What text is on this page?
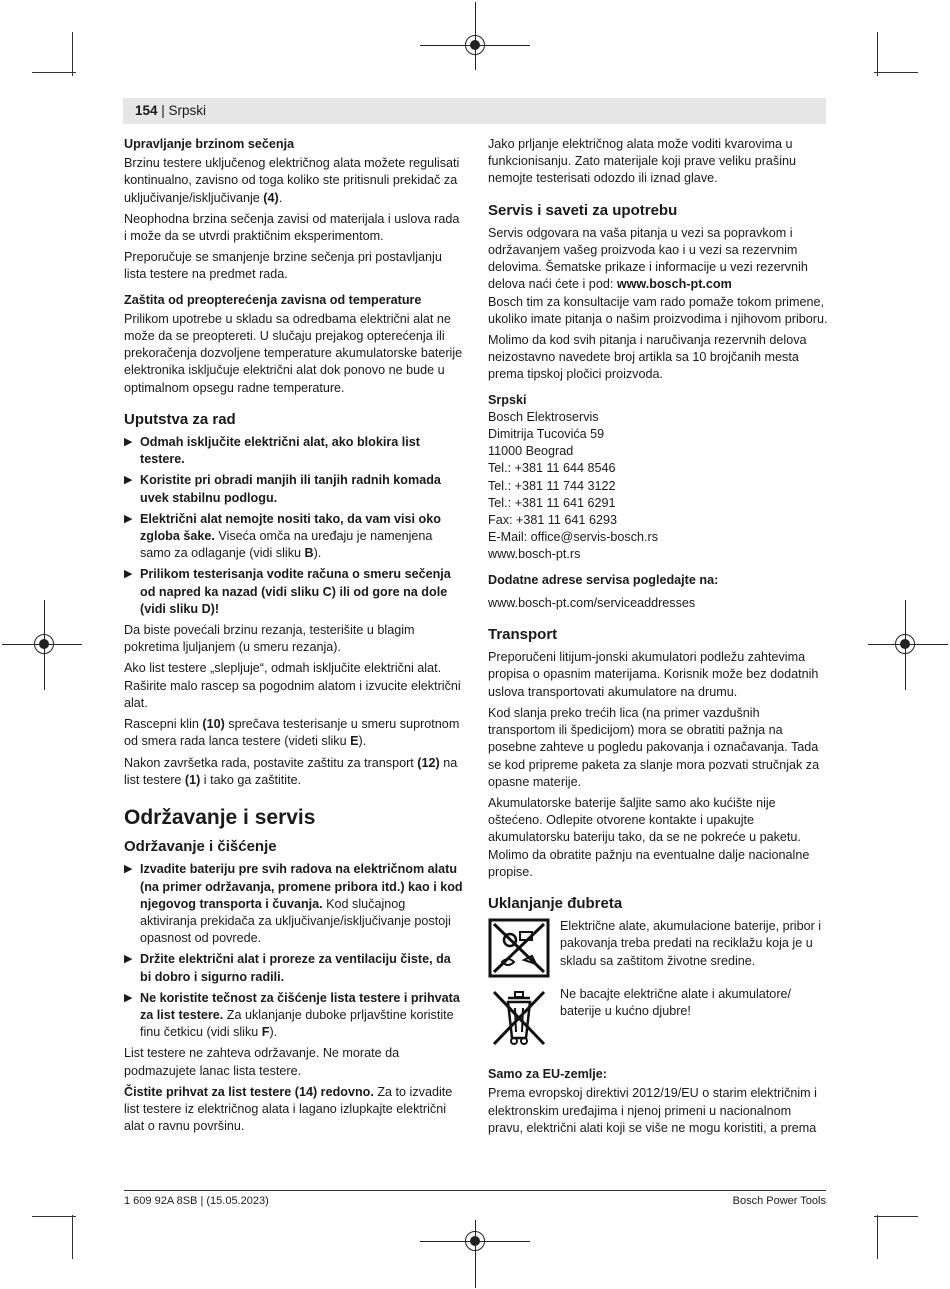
154 | Srpski
Upravljanje brzinom sečenja

Brzinu testere uključenog električnog alata možete regulisati kontinualno, zavisno od toga koliko ste pritisnuli prekidač za uključivanje/isključivanje (4).

Neophodna brzina sečenja zavisi od materijala i uslova rada i može da se utvrdi praktičnim eksperimentom.

Preporučuje se smanjenje brzine sečenja pri postavljanju lista testere na predmet rada.

Zaštita od preopterećenja zavisna od temperature

Prilikom upotrebe u skladu sa odredbama električni alat ne može da se preoptereti. U slučaju prejakog opterećenja ili prekoračenja dozvoljene temperature akumulatorske baterije elektronika isključuje električni alat dok ponovo ne bude u optimalnom opsegu radne temperature.

Uputstva za rad
▶ Odmah isključite električni alat, ako blokira list testere.
▶ Koristite pri obradi manjih ili tanjih radnih komada uvek stabilnu podlogu.
▶ Električni alat nemojte nositi tako, da vam visi oko zgloba šake. Viseća omča na uređaju je namenjena samo za odlaganje (vidi sliku B).
▶ Prilikom testerisanja vodite računa o smeru sečenja od napred ka nazad (vidi sliku C) ili od gore na dole (vidi sliku D)!

Da biste povećali brzinu rezanja, testerišite u blagim pokretima ljuljanjem (u smeru rezanja).

Ako list testere „slepljuje“, odmah isključite električni alat. Raširite malo rascep sa pogodnim alatom i izvucite električni alat.

Rascepni klin (10) sprečava testerisanje u smeru suprotnom od smera rada lanca testere (videti sliku E).

Nakon završetka rada, postavite zaštitu za transport (12) na list testere (1) i tako ga zaštitite.

Održavanje i servis
Održavanje i čišćenje
▶ Izvadite bateriju pre svih radova na električnom alatu (na primer održavanja, promene pribora itd.) kao i kod njegovog transporta i čuvanja. Kod slučajnog aktiviranja prekidača za uključivanje/isključivanje postoji opasnost od povrede.
▶ Držite električni alat i proreze za ventilaciju čiste, da bi dobro i sigurno radili.
▶ Ne koristite tečnost za čišćenje lista testere i prihvata za list testere. Za uklanjanje duboke prljavštine koristite finu četkicu (vidi sliku F).

List testere ne zahteva održavanje. Ne morate da podmazujete lanac lista testere.

Čistite prihvat za list testere (14) redovno. Za to izvadite list testere iz električnog alata i lagano izlupkajte električni alat o ravnu površinu.

Jako prljanje električnog alata može voditi kvarovima u funkcionisanju. Zato materijale koji prave veliku prašinu nemojte testerisati odozdo ili iznad glave.

Servis i saveti za upotrebu

Servis odgovara na vaša pitanja u vezi sa popravkom i održavanjem vašeg proizvoda kao i u vezi sa rezervnim delovima. Šematske prikaze i informacije u vezi rezervnih delova naći ćete i pod: www.bosch-pt.com

Bosch tim za konsultacije vam rado pomaže tokom primene, ukoliko imate pitanja o našim proizvodima i njihovom priboru.

Molimo da kod svih pitanja i naručivanja rezervnih delova neizostavno navedete broj artikla sa 10 brojčanih mesta prema tipskoj pločici proizvoda.

Srpski
Bosch Elektroservis
Dimitrija Tucovića 59
11000 Beograd
Tel.: +381 11 644 8546
Tel.: +381 11 744 3122
Tel.: +381 11 641 6291
Fax: +381 11 641 6293
E-Mail: office@servis-bosch.rs
www.bosch-pt.rs
Dodatne adrese servisa pogledajte na:

www.bosch-pt.com/serviceaddresses

Transport

Preporučeni litijum-jonski akumulatori podležu zahtevima propisa o opasnim materijama. Korisnik može bez dodatnih uslova transportovati akumulatore na drumu.

Kod slanja preko trećih lica (na primer vazdušnih transportom ili špedicijom) mora se obratiti pažnja na posebne zahteve u pogledu pakovanja i označavanja. Tada se kod pripreme paketa za slanje mora pozvati stručnjak za opasne materije.

Akumulatorske baterije šaljite samo ako kućište nije oštećeno. Odlepite otvorene kontakte i upakujte akumulatorsku bateriju tako, da se ne pokreće u paketu. Molimo da obratite pažnju na eventualne dalje nacionalne propise.

Uklanjanje đubreta
Električne alate, akumulacione baterije, pribor i pakovanja treba predati na reciklažu koja je u skladu sa zaštitom životne sredine.
Ne bacajte električne alate i akumulatore/ baterije u kućno djubre!
Samo za EU-zemlje:

Prema evropskoj direktivi 2012/19/EU o starim električnim i elektronskim uređajima i njenoj primeni u nacionalnom pravu, električni alati koji se više ne mogu koristiti, a prema

1 609 92A 8SB | (15.05.2023)	Bosch Power Tools
